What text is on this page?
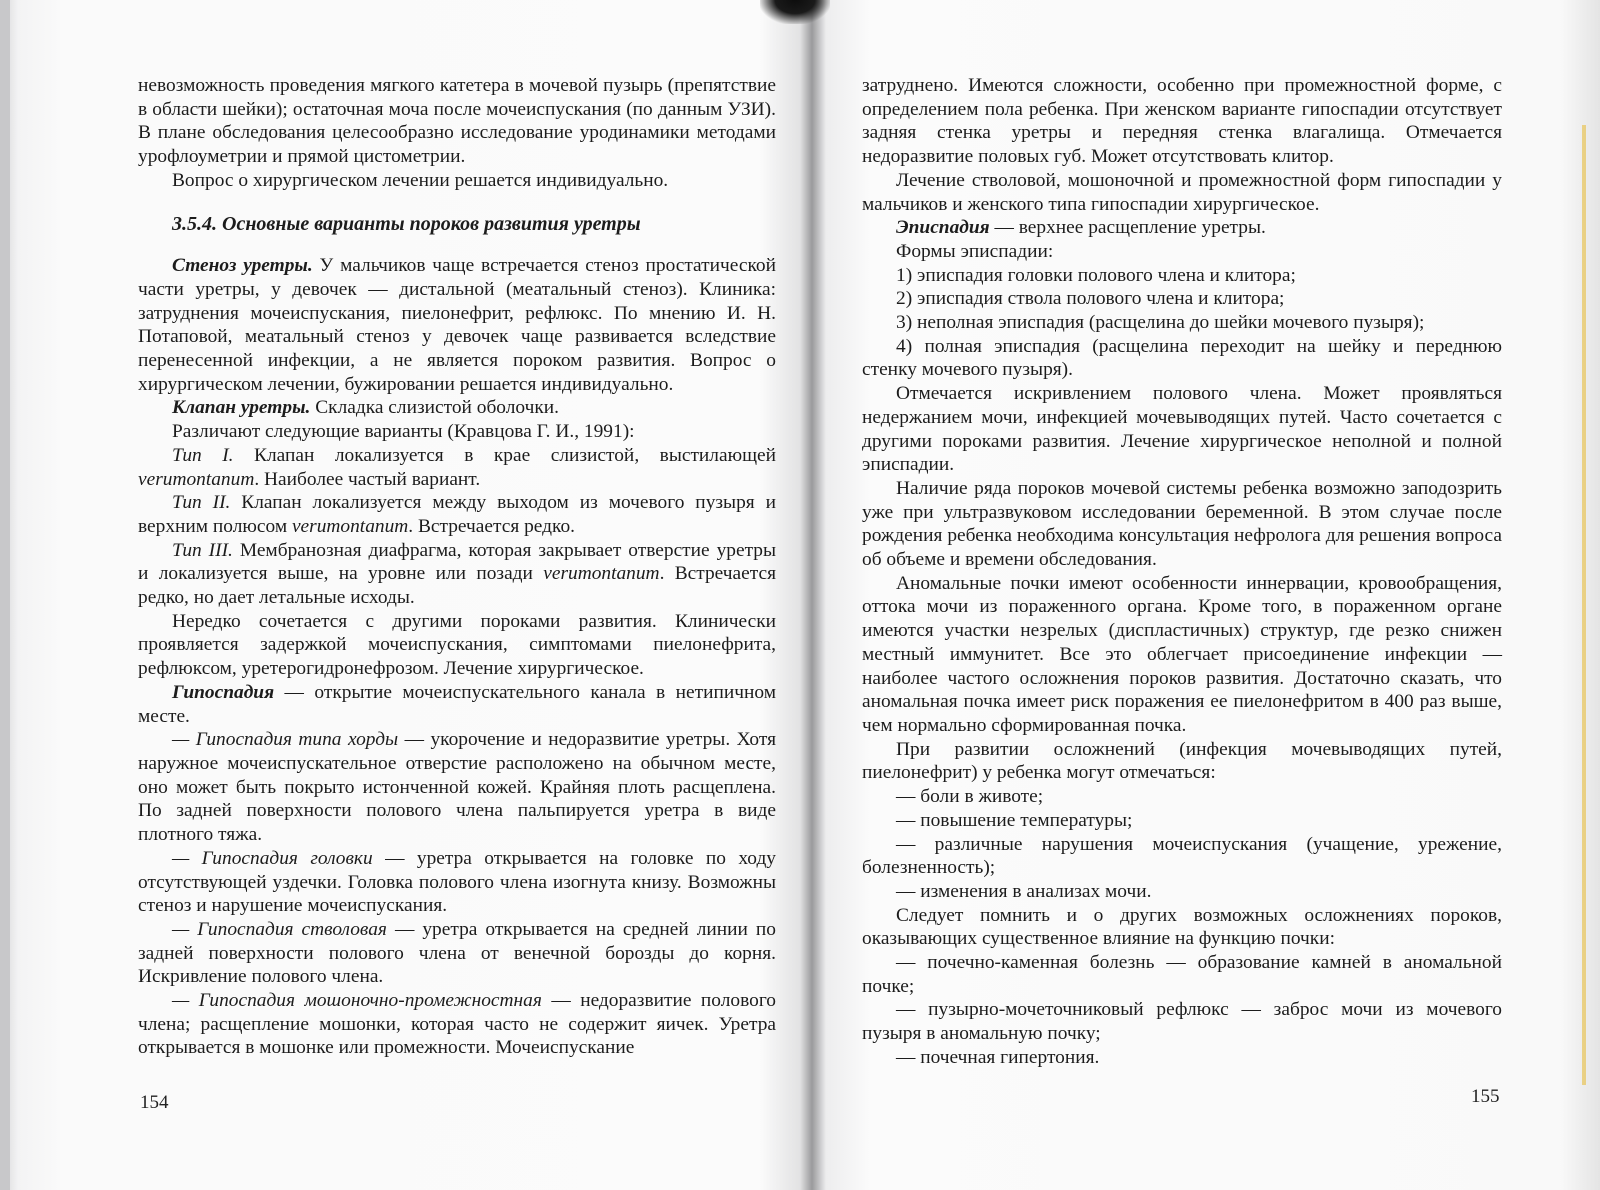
невозможность проведения мягкого катетера в мочевой пузырь (препятствие в области шейки); остаточная моча после мочеиспускания (по данным УЗИ). В плане обследования целесообразно исследование уродинамики методами урофлоуметрии и прямой цистометрии.

Вопрос о хирургическом лечении решается индивидуально.

3.5.4. Основные варианты пороков развития уретры

Стеноз уретры. У мальчиков чаще встречается стеноз простатической части уретры, у девочек — дистальной (меатальный стеноз). Клиника: затруднения мочеиспускания, пиелонефрит, рефлюкс. По мнению И. Н. Потаповой, меатальный стеноз у девочек чаще развивается вследствие перенесенной инфекции, а не является пороком развития. Вопрос о хирургическом лечении, бужировании решается индивидуально.

Клапан уретры. Складка слизистой оболочки.

Различают следующие варианты (Кравцова Г. И., 1991):

Тип I. Клапан локализуется в крае слизистой, выстилающей verumontanum. Наиболее частый вариант.

Тип II. Клапан локализуется между выходом из мочевого пузыря и верхним полюсом verumontanum. Встречается редко.

Тип III. Мембранозная диафрагма, которая закрывает отверстие уретры и локализуется выше, на уровне или позади verumontanum. Встречается редко, но дает летальные исходы.

Нередко сочетается с другими пороками развития. Клинически проявляется задержкой мочеиспускания, симптомами пиелонефрита, рефлюксом, уретерогидронефрозом. Лечение хирургическое.

Гипоспадия — открытие мочеиспускательного канала в нетипичном месте.

— Гипоспадия типа хорды — укорочение и недоразвитие уретры. Хотя наружное мочеиспускательное отверстие расположено на обычном месте, оно может быть покрыто истонченной кожей. Крайняя плоть расщеплена. По задней поверхности полового члена пальпируется уретра в виде плотного тяжа.

— Гипоспадия головки — уретра открывается на головке по ходу отсутствующей уздечки. Головка полового члена изогнута книзу. Возможны стеноз и нарушение мочеиспускания.

— Гипоспадия стволовая — уретра открывается на средней линии по задней поверхности полового члена от венечной борозды до корня. Искривление полового члена.

— Гипоспадия мошоночно-промежностная — недоразвитие полового члена; расщепление мошонки, которая часто не содержит яичек. Уретра открывается в мошонке или промежности. Мочеиспускание

154

затруднено. Имеются сложности, особенно при промежностной форме, с определением пола ребенка. При женском варианте гипоспадии отсутствует задняя стенка уретры и передняя стенка влагалища. Отмечается недоразвитие половых губ. Может отсутствовать клитор.

Лечение стволовой, мошоночной и промежностной форм гипоспадии у мальчиков и женского типа гипоспадии хирургическое.

Эписпадия — верхнее расщепление уретры.

Формы эписпадии:

1) эписпадия головки полового члена и клитора;

2) эписпадия ствола полового члена и клитора;

3) неполная эписпадия (расщелина до шейки мочевого пузыря);

4) полная эписпадия (расщелина переходит на шейку и переднюю стенку мочевого пузыря).

Отмечается искривлением полового члена. Может проявляться недержанием мочи, инфекцией мочевыводящих путей. Часто сочетается с другими пороками развития. Лечение хирургическое неполной и полной эписпадии.

Наличие ряда пороков мочевой системы ребенка возможно заподозрить уже при ультразвуковом исследовании беременной. В этом случае после рождения ребенка необходима консультация нефролога для решения вопроса об объеме и времени обследования.

Аномальные почки имеют особенности иннервации, кровообращения, оттока мочи из пораженного органа. Кроме того, в пораженном органе имеются участки незрелых (диспластичных) структур, где резко снижен местный иммунитет. Все это облегчает присоединение инфекции — наиболее частого осложнения пороков развития. Достаточно сказать, что аномальная почка имеет риск поражения ее пиелонефритом в 400 раз выше, чем нормально сформированная почка.

При развитии осложнений (инфекция мочевыводящих путей, пиелонефрит) у ребенка могут отмечаться:

— боли в животе;

— повышение температуры;

— различные нарушения мочеиспускания (учащение, урежение, болезненность);

— изменения в анализах мочи.

Следует помнить и о других возможных осложнениях пороков, оказывающих существенное влияние на функцию почки:

— почечно-каменная болезнь — образование камней в аномальной почке;

— пузырно-мочеточниковый рефлюкс — заброс мочи из мочевого пузыря в аномальную почку;

— почечная гипертония.

155
